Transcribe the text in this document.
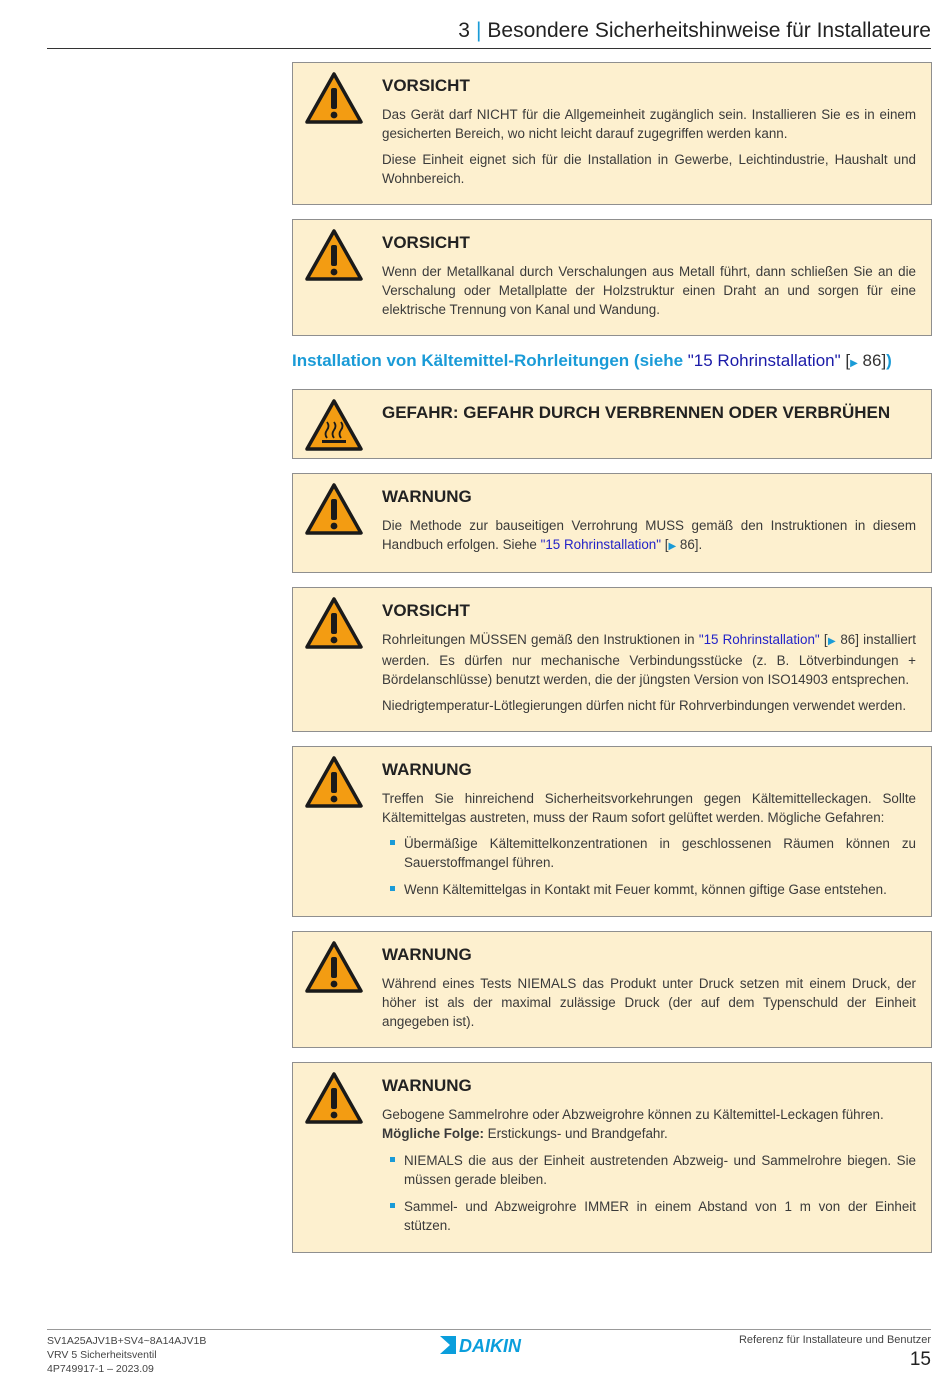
3 | Besondere Sicherheitshinweise für Installateure
VORSICHT

Das Gerät darf NICHT für die Allgemeinheit zugänglich sein. Installieren Sie es in einem gesicherten Bereich, wo nicht leicht darauf zugegriffen werden kann.

Diese Einheit eignet sich für die Installation in Gewerbe, Leichtindustrie, Haushalt und Wohnbereich.

VORSICHT

Wenn der Metallkanal durch Verschalungen aus Metall führt, dann schließen Sie an die Verschalung oder Metallplatte der Holzstruktur einen Draht an und sorgen für eine elektrische Trennung von Kanal und Wandung.

Installation von Kältemittel-Rohrleitungen (siehe "15 Rohrinstallation" [▶ 86])
GEFAHR: GEFAHR DURCH VERBRENNEN ODER VERBRÜHEN
WARNUNG

Die Methode zur bauseitigen Verrohrung MUSS gemäß den Instruktionen in diesem Handbuch erfolgen. Siehe "15 Rohrinstallation" [▶ 86].

VORSICHT

Rohrleitungen MÜSSEN gemäß den Instruktionen in "15 Rohrinstallation" [▶ 86] installiert werden. Es dürfen nur mechanische Verbindungsstücke (z. B. Lötverbindungen + Bördelanschlüsse) benutzt werden, die der jüngsten Version von ISO14903 entsprechen.

Niedrigtemperatur-Lötlegierungen dürfen nicht für Rohrverbindungen verwendet werden.

WARNUNG

Treffen Sie hinreichend Sicherheitsvorkehrungen gegen Kältemittelleckagen. Sollte Kältemittelgas austreten, muss der Raum sofort gelüftet werden. Mögliche Gefahren:

Übermäßige Kältemittelkonzentrationen in geschlossenen Räumen können zu Sauerstoffmangel führen.
Wenn Kältemittelgas in Kontakt mit Feuer kommt, können giftige Gase entstehen.
WARNUNG

Während eines Tests NIEMALS das Produkt unter Druck setzen mit einem Druck, der höher ist als der maximal zulässige Druck (der auf dem Typenschuld der Einheit angegeben ist).

WARNUNG

Gebogene Sammelrohre oder Abzweigrohre können zu Kältemittel-Leckagen führen.
Mögliche Folge: Erstickungs- und Brandgefahr.

NIEMALS die aus der Einheit austretenden Abzweig- und Sammelrohre biegen. Sie müssen gerade bleiben.
Sammel- und Abzweigrohre IMMER in einem Abstand von 1 m von der Einheit stützen.
SV1A25AJV1B+SV4~8A14AJV1B
VRV 5 Sicherheitsventil
4P749917-1 – 2023.09
DAIKIN	Referenz für Installateure und Benutzer
15
